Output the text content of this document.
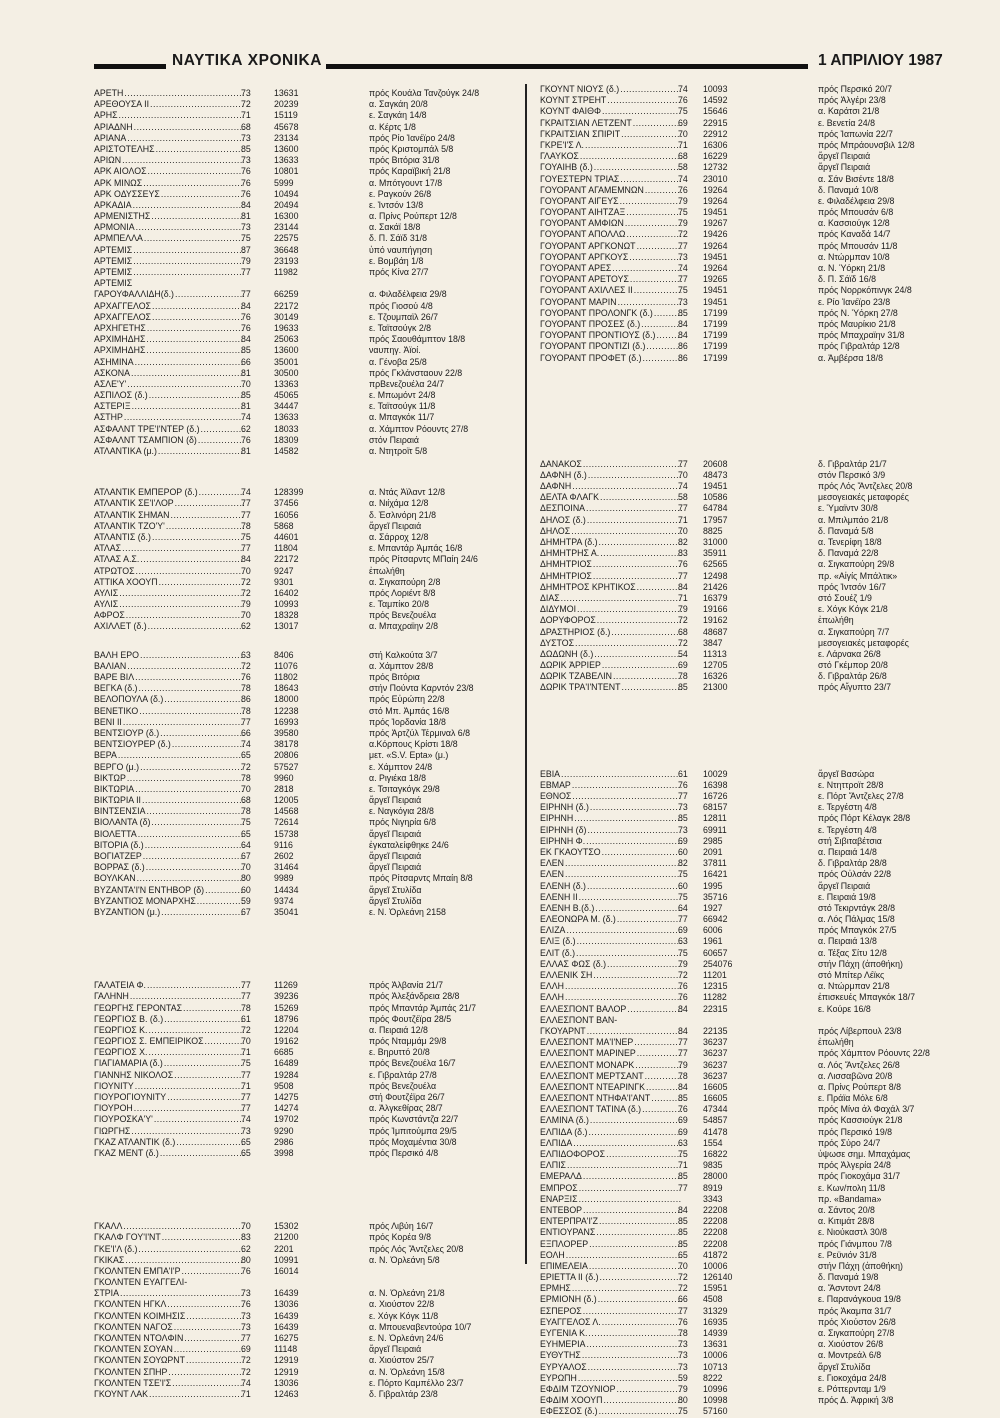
ΝΑΥΤΙΚΑ ΧΡΟΝΙΚΑ	1 ΑΠΡΙΛΙΟΥ 1987
ΑΡΕΤΗ .....	73	13631	πρός Κουάλα Τανζούγκ 24/8
ΑΡΕΘΟΥΣΑ ΙΙ .....	72	20239	α. Σαγκάη 20/8
ΑΡΗΣ .....	71	15119	ε. Σαγκάη 14/8
ΑΡΙΑΔΝΗ .....	68	45678	α. Κέρτς 1/8
ΑΡΙΑΝΑ .....	73	23134	πρός Ρίο Ἰανέϊρο 24/8
ΑΡΙΣΤΟΤΕΛΗΣ .....	85	13600	πρός Κριστομπάλ 5/8
ΑΡΙΩΝ .....	73	13633	πρός Βιτόρια 31/8
ΑΡΚ ΑΙΟΛΟΣ .....	76	10801	πρός Καραϊβική 21/8
ΑΡΚ ΜΙΝΩΣ .....	76	5999	α. Μπότγουντ 17/8
ΑΡΚ ΟΔΥΣΣΕΥΣ .....	76	10494	ε. Ραγκούν 26/8
ΑΡΚΑΔΙΑ .....	84	20494	ε. Ἰντσόν 13/8
ΑΡΜΕΝΙΣΤΗΣ .....	81	16300	α. Πρίνς Ρούπερτ 12/8
ΑΡΜΟΝΙΑ .....	73	23144	α. Σακάϊ 18/8
ΑΡΜΠΕΛΛΑ .....	75	22575	δ. Π. Σάϊδ 31/8
ΑΡΤΕΜΙΣ .....	87	36648	ὑπό ναυπήγηση
ΑΡΤΕΜΙΣ .....	79	23193	ε. Βομβάη 1/8
ΑΡΤΕΜΙΣ .....	77	11982	πρός Κίνα 27/7
ΑΡΤΕΜΙΣ
ΓΑΡΟΥΦΑΛΛΙΔΗ(δ.) .....	77	66259	α. Φιλαδέλφεια 29/8
ΑΡΧΑΓΓΕΛΟΣ .....	84	22172	πρός Γιοσού 4/8
ΑΡΧΑΓΓΕΛΟΣ .....	76	30149	ε. Τζουμπαϊλ 26/7
ΑΡΧΗΓΕΤΗΣ .....	76	19633	ε. Ταϊτσούγκ 2/8
ΑΡΧΙΜΗΔΗΣ .....	84	25063	πρός Σαουθάμπτον 18/8
ΑΡΧΙΜΗΔΗΣ .....	85	13600	ναυπηγ. Ἀϊοί.
ΑΣΗΜΙΝΑ .....	66	35001	α. Γένοβα 25/8
ΑΣΚΟΝΑ .....	81	30500	πρός Γκλάνσταουν 22/8
ΑΣΛΕ'Υ' .....	70	13363	πρBενεζουέλα 24/7
ΑΣΠΙΛΟΣ (δ.) .....	85	45065	ε. Μπωμόντ 24/8
ΑΣΤΕΡΙΞ .....	81	34447	ε. Ταϊτσούγκ 11/8
ΑΣΤΗΡ .....	74	13633	α. Μπαγκόκ 11/7
ΑΣΦΑΛΝΤ ΤΡΕ'Ι'ΝΤΕΡ (δ.) .....	62	18033	α. Χάμπτον Ρόουντς 27/8
ΑΣΦΑΛΝΤ ΤΣΑΜΠΙΟΝ (δ) .....	76	18309	στόν Πειραιά
ΑΤΛΑΝΤΙΚΑ (μ.) .....	81	14582	α. Ντητροϊτ 5/8
ΑΤΛΑΝΤΙΚ ΕΜΠΕΡΟΡ (δ.) .....	74	128399	α. Ντάς Ἀϊλαντ 12/8
ΑΤΛΑΝΤΙΚ ΣΕ'Ι'ΛΟΡ .....	77	37456	α. Νιίχάμα 12/8
ΑΤΛΑΝΤΙΚ ΣΗΜΑΝ .....	77	16056	δ. Ἐσλινόρη 21/8
ΑΤΛΑΝΤΙΚ ΤΖΟ'Υ' .....	78	5868	ἄργεῖ Πειραιά
ΑΤΛΑΝΤΙΣ (δ.) .....	75	44601	α. Σάρροχ 12/8
ΑΤΛΑΣ .....	77	11804	ε. Μπαντάρ Ἀμπάς 16/8
ΑΤΛΑΣ Α.Σ. .....	84	22172	πρός Ρίτσαρντς ΜΠαίη 24/6
ΑΤΡΩΤΟΣ .....	70	9247	ἐπωλήθη
ΑΤΤΙΚΑ ΧΟΟΥΠ .....	72	9301	α. Σιγκαπούρη 2/8
ΑΥΛΙΣ .....	72	16402	πρός Λοριέντ 8/8
ΑΥΛΙΣ .....	79	10993	ε. Ταμπίκο 20/8
ΑΦΡΟΣ .....	70	18328	πρός Βενεζουέλα
ΑΧΙΛΛΕΤ (δ.) .....	62	13017	α. Μπαχραϊην 2/8
ΒΑΛΗ ΕΡΟ .....	63	8406	στή Καλκούτα 3/7
ΒΑΛΙΑΝ .....	72	11076	α. Χάμπτον 28/8
ΒΑΡΕ ΒΙΛ .....	76	11802	πρός Βιτόρια
ΒΕΓΚΑ (δ.) .....	78	18643	στήν Πούντα Καρντόν 23/8
ΒΕΛΟΠΟΥΛΑ (δ.) .....	86	18000	πρός Εὐρώπη 22/8
ΒΕΝΕΤΙΚΟ .....	78	12238	στό Μπ. Ἀμπάς 16/8
ΒΕΝΙ ΙΙ .....	77	16993	πρός Ἰορδανία 18/8
ΒΕΝΤΣΙΟΥΡ (δ.) .....	66	39580	πρός Ἀρτζύλ Τέρμιναλ 6/8
ΒΕΝΤΣΙΟΥΡΕΡ (δ.) .....	74	38178	α.Κόρπους Κρίστι 18/8
ΒΕΡΑ .....	65	20806	μετ. «S.V. Epta» (μ.)
ΒΕΡΓΟ (μ.) .....	72	57527	ε. Χάμπτον 24/8
ΒΙΚΤΩΡ .....	78	9960	α. Ριγιέκα 18/8
ΒΙΚΤΩΡΙΑ .....	70	2818	ε. Τσιταγκόγκ 29/8
ΒΙΚΤΩΡΙΑ ΙΙ .....	68	12005	ἄργεῖ Πειραιά
ΒΙΝΤΣΕΝΣΙΑ .....	78	14568	ε. Ναγκόγια 28/8
ΒΙΟΛΑΝΤΑ (δ) .....	75	72614	πρός Νιγηρία 6/8
ΒΙΟΛΕΤΤΑ .....	65	15738	ἄργεῖ Πειραιά
ΒΙΤΟΡΙΑ (δ.) .....	64	9116	ἐγκαταλείφθηκε 24/6
ΒΟΓΙΑΤΖΕΡ .....	67	2602	ἄργεῖ Πειραιά
ΒΟΡΡΑΣ (δ.) .....	70	31464	ἄργεῖ Πειραιά
ΒΟΥΛΚΑΝ .....	80	9989	πρός Ρίτσαρντς Μπαίη 8/8
ΒΥΖΑΝΤΑ'Ι'Ν ΕΝΤΗΒΟΡ (δ) .....	60	14434	ἄργεῖ Στυλίδα
ΒΥΖΑΝΤΙΟΣ ΜΟΝΑΡΧΗΣ .....	59	9374	ἄργεῖ Στυλίδα
ΒΥΖΑΝΤΙΟΝ (μ.) .....	67	35041	ε. Ν. Ὀρλεάνη 2158
ΓΑΛΑΤΕΙΑ Φ. .....	77	11269	πρός Ἀλβανία 21/7
ΓΑΛΗΝΗ .....	77	39236	πρός Ἀλεξάνδρεια 28/8
ΓΕΩΡΓΗΣ ΓΕΡΟΝΤΑΣ .....	78	15269	πρός Μπαντάρ Ἀμπάς 21/7
ΓΕΩΡΓΙΟΣ Β. (δ.) .....	61	18796	πρός Φουτζέϊρα 28/5
ΓΕΩΡΓΙΟΣ Κ. .....	72	12204	α. Πειραιά 12/8
ΓΕΩΡΓΙΟΣ Σ. ΕΜΠΕΙΡΙΚΟΣ .....	70	19162	πρός Νταμμάμ 29/8
ΓΕΩΡΓΙΟΣ Χ. .....	71	6685	ε. Βηρυττό 20/8
ΓΙΑΓΙΑΜΑΡΙΑ (δ.) .....	75	16489	πρός Βενεζουέλα 16/7
ΓΙΑΝΝΗΣ ΝΙΚΟΛΟΣ .....	77	19284	ε. Γιβραλτάρ 27/8
ΓΙΟΥΝΙΤΥ .....	71	9508	πρός Βενεζουέλα
ΓΙΟΥΡΟΓΙΟΥΝΙΤΥ .....	77	14275	στή Φουτζέϊρα 26/7
ΓΙΟΥΡΟΗ .....	77	14274	α. Ἀλγκεθίρας 28/7
ΓΙΟΥΡΟΣΚΑ'Υ' .....	74	19702	πρός Κωνστάντζα 22/7
ΓΙΩΡΓΗΣ .....	73	9290	πρός Ἰμπιτούμπα 29/5
ΓΚΑΖ ΑΤΛΑΝΤΙΚ (δ.) .....	65	2986	πρός Μοχαμέντια 30/8
ΓΚΑΖ ΜΕΝΤ (δ.) .....	65	3998	πρός Περσικό 4/8
ΓΚΑΛΛ .....	70	15302	πρός Λιβύη 16/7
ΓΚΑΛΦ ΓΟΥ'Ι'ΝΤ .....	83	21200	πρός Κορέα 9/8
ΓΚΕ'Ι'Λ (δ.) .....	62	2201	πρός Λός Ἄντζελες 20/8
ΓΚΙΚΑΣ .....	80	10991	α. Ν. Ὀρλεάνη 5/8
ΓΚΟΛΝΤΕΝ ΕΜΠΑ'Ι'Ρ .....	76	16014
ΓΚΟΛΝΤΕΝ ΕΥΑΓΓΕΛΙ-
ΣΤΡΙΑ .....	73	16439	α. Ν. Ὀρλεάνη 21/8
ΓΚΟΛΝΤΕΝ ΗΓΚΛ .....	76	13036	α. Χιούστον 22/8
ΓΚΟΛΝΤΕΝ ΚΟΙΜΗΣΙΣ .....	73	16439	ε. Χόγκ Κόγκ 11/8
ΓΚΟΛΝΤΕΝ ΝΑΓΟΣ .....	73	16439	α. Μπουεναβεντούρα 10/7
ΓΚΟΛΝΤΕΝ ΝΤΟΛΦΙΝ .....	77	16275	ε. Ν. Ὀρλεάνη 24/6
ΓΚΟΛΝΤΕΝ ΣΟΥΑΝ .....	69	11148	ἄργεῖ Πειραιά
ΓΚΟΛΝΤΕΝ ΣΟΥΩΡΝΤ .....	72	12919	α. Χιούστον 25/7
ΓΚΟΛΝΤΕΝ ΣΠΗΡ .....	72	12919	α. Ν. Ὀρλεάνη 15/8
ΓΚΟΛΝΤΕΝ ΤΣΕ'Ι'Σ .....	74	13036	ε. Πόρτο Καμπέλλο 23/7
ΓΚΟΥΝΤ ΛΑΚ .....	71	12463	δ. Γιβραλτάρ 23/8
ΓΚΟΥΝΤ ΝΙΟΥΣ (δ.) .....	74 10093	πρός Περσικό 20/7
ΚΟΥΝΤ ΣΤΡΕΗΤ .....	76 14592	πρός Ἀλγέρι 23/8
ΚΟΥΝΤ ΦΑΙΘΦ .....	75 15646	α. Καράτσι 21/8
ΓΚΡΑΙΤΣΙΑΝ ΛΕΤΖΕΝΤ .....	69 22915	ε. Βενετία 24/8
ΓΚΡΑΙΤΣΙΑΝ ΣΠΙΡΙΤ .....	70 22912	πρός Ἰαπωνία 22/7
ΓΚΡΕ'Ι'Σ Λ. .....	71 16306	πρός Μπράουνσβιλ 12/8
ΓΛΑΥΚΟΣ .....	68 16229	ἄργεῖ Πειραιά
ΓΟΥΑΙΗΒ (δ.) .....	58 12732	ἄργεῖ Πειραιά
ΓΟΥΕΣΤΕΡΝ ΤΡΙΑΣ .....	74 23010	α. Σάν Βισέντε 18/8
ΓΟΥΟΡΑΝΤ ΑΓΑΜΕΜΝΩΝ .....	76 19264	δ. Παναμά 10/8
ΓΟΥΟΡΑΝΤ ΑΙΓΕΥΣ .....	79 19264	ε. Φιλαδέλφεια 29/8
ΓΟΥΟΡΑΝΤ ΑΙΗΤΖΑΞ .....	75 19451	πρός Μπουσάν 6/8
ΓΟΥΟΡΑΝΤ ΑΜΦΙΩΝ .....	79 19267	α. Κασσιούγκ 12/8
ΓΟΥΟΡΑΝΤ ΑΠΟΛΛΩ .....	72 19426	πρός Καναδά 14/7
ΓΟΥΟΡΑΝΤ ΑΡΓΚΟΝΩΤ .....	77 19264	πρός Μπουσάν 11/8
ΓΟΥΟΡΑΝΤ ΑΡΓΚΟΥΣ .....	73 19451	α. Ντώρμπαν 10/8
ΓΟΥΟΡΑΝΤ ΑΡΕΣ .....	74 19264	α. Ν. Ὑόρκη 21/8
ΓΟΥΟΡΑΝΤ ΑΡΕΤΟΥΣ .....	77 19265	δ. Π. Σάϊδ 16/8
ΓΟΥΟΡΑΝΤ ΑΧΙΛΛΕΣ ΙΙ .....	75 19451	πρός Νορρκόπινγκ 24/8
ΓΟΥΟΡΑΝΤ ΜΑΡΙΝ .....	73 19451	ε. Ρίο Ἰανέϊρο 23/8
ΓΟΥΟΡΑΝΤ ΠΡΟΛΟΝΓΚ (δ.) .....	85 17199	πρός Ν. Ὑόρκη 27/8
ΓΟΥΟΡΑΝΤ ΠΡΟΣΕΣ (δ.) .....	84 17199	πρός Μαυρίκιο 21/8
ΓΟΥΟΡΑΝΤ ΠΡΟΝΤΙΟΥΣ (δ.) .....	84 17199	πρός Μπαχραϊην 31/8
ΓΟΥΟΡΑΝΤ ΠΡΟΝΤΙΖΙ (δ.) .....	86 17199	πρός Γιβραλτάρ 12/8
ΓΟΥΟΡΑΝΤ ΠΡΟΦΕΤ (δ.) .....	86 17199	α. Ἀμβέρσα 18/8
ΔΑΝΑΚΟΣ .....	77 20608	δ. Γιβραλτάρ 21/7
ΔΑΦΝΗ (δ.) .....	70 48473	στόν Περσικό 3/9
ΔΑΦΝΗ .....	74 19451	πρός Λός Ἄντζελες 20/8
ΔΕΛΤΑ ΦΛΑΓΚ .....	58 10586	μεσογειακές μεταφορές
ΔΕΣΠΟΙΝΑ .....	77 64784	ε. Ὑμαϊντν 30/8
ΔΗΛΟΣ (δ.) .....	71 17957	α. Μπιλμπάο 21/8
ΔΗΛΟΣ .....	70 8825	δ. Παναμά 5/8
ΔΗΜΗΤΡΑ (δ.) .....	82 31000	α. Τενερίφη 18/8
ΔΗΜΗΤΡΗΣ Α. .....	83 35911	δ. Παναμά 22/8
ΔΗΜΗΤΡΙΟΣ .....	76 62565	α. Σιγκαπούρη 29/8
ΔΗΜΗΤΡΙΟΣ .....	77 12498	πρ. «Αἰγίς Μπάλτικ»
ΔΗΜΗΤΡΟΣ ΚΡΗΤΙΚΟΣ .....	84 21426	πρός Ἰντσόν 16/7
ΔΙΑΣ .....	71 16379	στό Σουέζ 1/9
ΔΙΔΥΜΟΙ .....	79 19166	ε. Χόγκ Κόγκ 21/8
ΔΟΡΥΦΟΡΟΣ .....	72 19162	ἐπωλήθη
ΔΡΑΣΤΗΡΙΟΣ (δ.) .....	68 48687	α. Σιγκαπούρη 7/7
ΔΥΣΤΟΣ .....	72 3847	μεσογειακές μεταφορές
ΔΩΔΩΝΗ (δ.) .....	54 11313	ε. Λάρνακα 26/8
ΔΩΡΙΚ ἈΡΡΙΕΡ .....	69 12705	στό Γκέμπορ 20/8
ΔΩΡΙΚ ΤΖΑΒΕΛΙΝ .....	78 16326	δ. Γιβραλτάρ 26/8
ΔΩΡΙΚ ΤΡΑ'Ι'ΝΤΕΝΤ .....	85 21300	πρός Αἴγυπτο 23/7
ΕΒΙΑ .....	61 10029	ἄργεῖ Βασώρα
ΕΒΜΑΡ .....	76 16398	ε. Ντηττροϊτ 28/8
ΕΘΝΟΣ .....	77 16726	ε. Πόρτ Ἄντζελες 27/8
ΕΙΡΗΝΗ (δ.) .....	73 68157	ε. Τεργέστη 4/8
ΕΙΡΗΝΗ .....	85 12811	πρός Πόρτ Κέλαγκ 28/8
ΕΙΡΗΝΗ (δ) .....	73 69911	ε. Τεργέστη 4/8
ΕΙΡΗΝΗ Φ. .....	69 2985	στή Σιβιταβέτσια
ΕΚ ΓΚΑΟΥΤΣΟ .....	60 2091	α. Πειραιά 14/8
ΕΛΕΝ .....	82 37811	δ. Γιβραλτάρ 28/8
ΕΛΕΝ .....	75 16421	πρός Οὐλσάν 22/8
ΕΛΕΝΗ (δ.) .....	60 1995	ἄργεῖ Πειραιά
ΕΛΕΝΗ ΙΙ .....	75 35716	ε. Πειραιά 19/8
ΕΛΕΝΗ Β.(δ.) .....	64 1927	στό Τεκιρντάγκ 28/8
ΕΛΕΟΝΩΡΑ Μ. (δ.) .....	77 66942	α. Λός Πάλμας 15/8
ΕΛΙΖΑ .....	69 6006	πρός Μπαγκόκ 27/5
ΕΛΙΞ (δ.) .....	63 1961	α. Πειραιά 13/8
ΕΛΙΤ (δ.) .....	75 60657	α. Τέξας Σίτυ 12/8
ΕΛΛΑΣ ΦΩΣ (δ.) .....	79 254076	στήν Πάχη (ἀποθήκη)
ΕΛΛΕΝΙΚ ΣΗ .....	72 11201	στό Μπίτερ Λέϊκς
ΕΛΛΗ .....	76 12315	α. Ντώρμπαν 21/8
ΕΛΛΗ .....	76 11282	ἐπισκευές Μπαγκόκ 18/7
ΕΛΛΕΣΠΟΝΤ ΒΑΛΟΡ .....	84 22315	ε. Κούρε 16/8
ΕΛΛΕΣΠΟΝΤ ΒΑΝ-
ΓΚΟΥΑΡΝΤ .....	84 22135	πρός Λίβερπουλ 23/8
ΕΛΛΕΣΠΟΝΤ ΜΑ'Ι'ΝΕΡ .....	77 36237	ἐπωλήθη
ΕΛΛΕΣΠΟΝΤ ΜΑΡΙΝΕΡ .....	77 36237	πρός Χάμπτον Ρόουντς 22/8
ΕΛΛΕΣΠΟΝΤ ΜΟΝΑΡΚ .....	79 36237	α. Λός Ἄντζελες 26/8
ΕΛΛΕΣΠΟΝΤ ΜΕΡΤΣΑΝΤ .....	78 36237	α. Λισσαβῶνα 20/8
ΕΛΛΕΣΠΟΝΤ ΝΤΕΑΡΙΝΓΚ .....	84 16605	α. Πρίνς Ρούπερτ 8/8
ΕΛΛΕΣΠΟΝΤ ΝΤΗΦΑ'Ι'ΑΝΤ .....	85 16605	ε. Πράϊα Μόλε 6/8
ΕΛΛΕΣΠΟΝΤ ΤΑΤΙΝΑ (δ.) .....	76 47344	πρός Μίνα ἀλ Φαχάλ 3/7
ΕΛΜΙΝΑ (δ.) .....	69 54857	πρός Κασσιούγκ 21/8
ΕΛΠΙΔΑ (δ.) .....	69 41478	πρός Περσικό 19/8
ΕΛΠΙΔΑ .....	63 1554	πρός Σύρο 24/7
ΕΛΠΙΔΟΦΟΡΟΣ .....	75 16822	ὑψωσε σημ. Μπαχάμας
ΕΛΠΙΣ .....	71 9835	πρός Ἀλγερία 24/8
ΕΜΕΡΑΛΔ .....	85 28000	πρός Γιοκοχάμα 31/7
ΕΜΠΡΟΣ .....	77 8919	ε. Κων/πολη 11/8
ΕΝΑΡΞΙΣ .....	3343	πρ. «Bandama»
ΕΝΤΕΒΟΡ .....	84 22208	α. Σάντος 20/8
ΕΝΤΕΡΠΡΑ'Ι'Ζ .....	85 22208	α. Κιτιμάτ 28/8
ΕΝΤΙΟΥΡΑΝΣ .....	85 22208	ε. Νιούκαστλ 30/8
ΕΞΠΛΟΡΕΡ .....	85 22208	πρός Γιάνμπου 7/8
ΕΟΛΗ .....	65 41872	ε. Ρεϋνιόν 31/8
ΕΠΙΜΕΛΕΙΑ .....	70 10006	στήν Πάχη (ἀποθήκη)
ΕΡΙΕΤΤΑ ΙΙ (δ.) .....	72 126140	δ. Παναμά 19/8
ΕΡΜΗΣ .....	72 15951	α. Ἄσντοντ 24/8
ΕΡΜΙΟΝΗ (δ.) .....	66 4508	ε. Παρανάγκουα 19/8
ΕΣΠΕΡΟΣ .....	77 31329	πρός Ἀκαμπα 31/7
ΕΥΑΓΓΕΛΟΣ Λ. .....	76 16935	πρός Χιούστον 26/8
ΕΥΓΕΝΙΑ Κ. .....	78 14939	α. Σιγκαπούρη 27/8
ΕΥΗΜΕΡΙΑ .....	73 13631	α. Χιούστον 26/8
ΕΥΘΥΤΗΣ .....	73 10006	α. Μοντρεάλ 6/8
ΕΥΡΥΑΛΟΣ .....	73 10713	ἄργεῖ Στυλίδα
ΕΥΡΩΠΗ .....	59 8222	ε. Γιοκοχάμα 24/8
ΕΦΔΙΜ ΤΖΟΥΝΙΟΡ .....	79 10996	ε. Ρόττερνταμ 1/9
ΕΦΔΙΜ ΧΟΟΥΠ .....	80 10998	πρός Δ. Ἀφρική 3/8
ΕΦΕΣΣΟΣ (δ.) .....	75 57160
